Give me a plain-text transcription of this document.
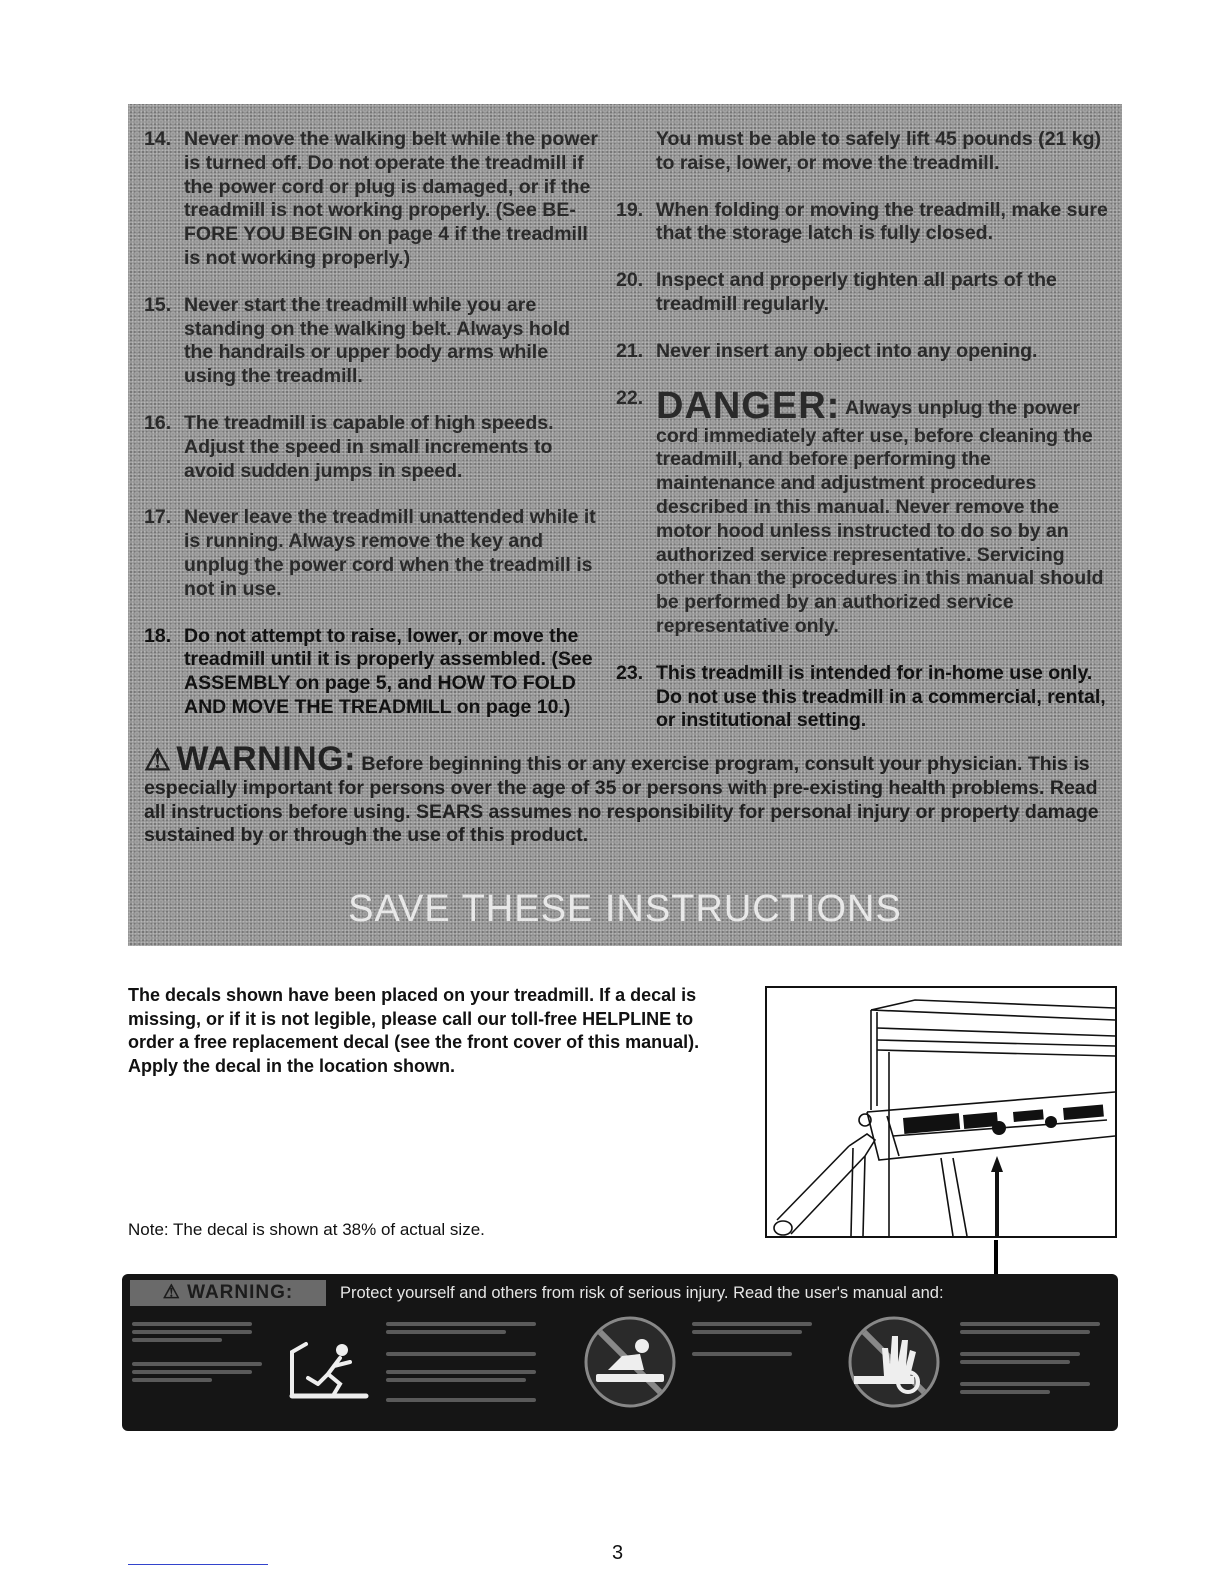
14. Never move the walking belt while the power is turned off. Do not operate the treadmill if the power cord or plug is damaged, or if the treadmill is not working properly. (See BE-FORE YOU BEGIN on page 4 if the treadmill is not working properly.)
15. Never start the treadmill while you are standing on the walking belt. Always hold the handrails or upper body arms while using the treadmill.
16. The treadmill is capable of high speeds. Adjust the speed in small increments to avoid sudden jumps in speed.
17. Never leave the treadmill unattended while it is running. Always remove the key and unplug the power cord when the treadmill is not in use.
18. Do not attempt to raise, lower, or move the treadmill until it is properly assembled. (See ASSEMBLY on page 5, and HOW TO FOLD AND MOVE THE TREADMILL on page 10.)
You must be able to safely lift 45 pounds (21 kg) to raise, lower, or move the treadmill.
19. When folding or moving the treadmill, make sure that the storage latch is fully closed.
20. Inspect and properly tighten all parts of the treadmill regularly.
21. Never insert any object into any opening.
22. DANGER: Always unplug the power cord immediately after use, before cleaning the treadmill, and before performing the maintenance and adjustment procedures described in this manual. Never remove the motor hood unless instructed to do so by an authorized service representative. Servicing other than the procedures in this manual should be performed by an authorized service representative only.
23. This treadmill is intended for in-home use only. Do not use this treadmill in a commercial, rental, or institutional setting.
⚠ WARNING: Before beginning this or any exercise program, consult your physician. This is especially important for persons over the age of 35 or persons with pre-existing health problems. Read all instructions before using. SEARS assumes no responsibility for personal injury or property damage sustained by or through the use of this product.
SAVE THESE INSTRUCTIONS
The decals shown have been placed on your treadmill. If a decal is missing, or if it is not legible, please call our toll-free HELPLINE to order a free replacement decal (see the front cover of this manual). Apply the decal in the location shown.
Note: The decal is shown at 38% of actual size.
⚠ WARNING:	Protect yourself and others from risk of serious injury. Read the user's manual and:
3
